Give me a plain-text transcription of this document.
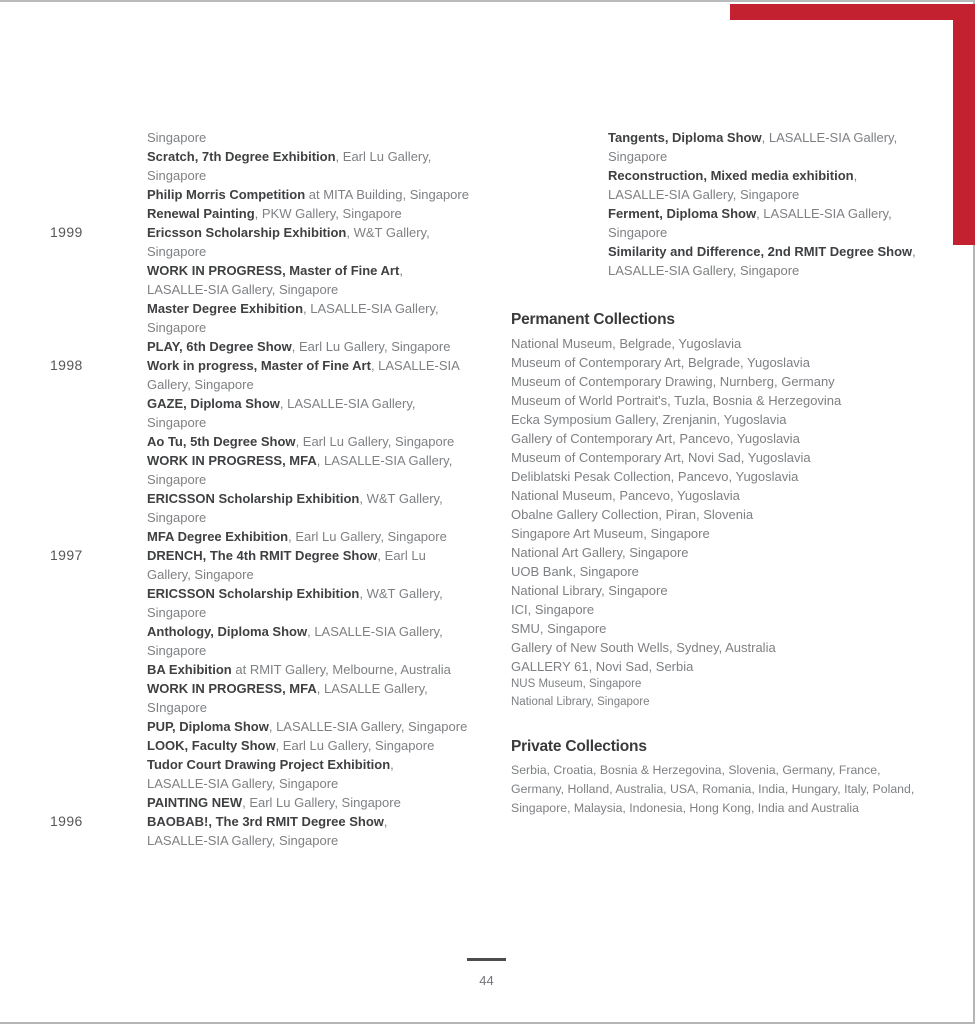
Singapore
Scratch, 7th Degree Exhibition, Earl Lu Gallery,
Singapore
Philip Morris Competition at MITA Building, Singapore
Renewal Painting, PKW Gallery, Singapore
1999	Ericsson Scholarship Exhibition, W&T Gallery,
Singapore
WORK IN PROGRESS, Master of Fine Art,
LASALLE-SIA Gallery, Singapore
Master Degree Exhibition, LASALLE-SIA Gallery,
Singapore
PLAY, 6th Degree Show, Earl Lu Gallery, Singapore
1998	Work in progress, Master of Fine Art, LASALLE-SIA
Gallery, Singapore
GAZE, Diploma Show, LASALLE-SIA Gallery,
Singapore
Ao Tu, 5th Degree Show, Earl Lu Gallery, Singapore
WORK IN PROGRESS, MFA, LASALLE-SIA Gallery,
Singapore
ERICSSON Scholarship Exhibition, W&T Gallery,
Singapore
MFA Degree Exhibition, Earl Lu Gallery, Singapore
1997	DRENCH, The 4th RMIT Degree Show, Earl Lu
Gallery, Singapore
ERICSSON Scholarship Exhibition, W&T Gallery,
Singapore
Anthology, Diploma Show, LASALLE-SIA Gallery,
Singapore
BA Exhibition at RMIT Gallery, Melbourne, Australia
WORK IN PROGRESS, MFA, LASALLE Gallery,
SIngapore
PUP, Diploma Show, LASALLE-SIA Gallery, Singapore
LOOK, Faculty Show, Earl Lu Gallery, Singapore
Tudor Court Drawing Project Exhibition,
LASALLE-SIA Gallery, Singapore
PAINTING NEW, Earl Lu Gallery, Singapore
1996	BAOBAB!, The 3rd RMIT Degree Show,
LASALLE-SIA Gallery, Singapore
Tangents, Diploma Show, LASALLE-SIA Gallery,
Singapore
Reconstruction, Mixed media exhibition,
LASALLE-SIA Gallery, Singapore
Ferment, Diploma Show, LASALLE-SIA Gallery,
Singapore
Similarity and Difference, 2nd RMIT Degree Show,
LASALLE-SIA Gallery, Singapore
Permanent Collections
National Museum, Belgrade, Yugoslavia
Museum of Contemporary Art, Belgrade, Yugoslavia
Museum of Contemporary Drawing, Nurnberg, Germany
Museum of World Portrait's, Tuzla, Bosnia & Herzegovina
Ecka Symposium Gallery, Zrenjanin, Yugoslavia
Gallery of Contemporary Art, Pancevo, Yugoslavia
Museum of Contemporary Art, Novi Sad, Yugoslavia
Deliblatski Pesak Collection, Pancevo, Yugoslavia
National Museum, Pancevo, Yugoslavia
Obalne Gallery Collection, Piran, Slovenia
Singapore Art Museum, Singapore
National Art Gallery, Singapore
UOB Bank, Singapore
National Library, Singapore
ICI, Singapore
SMU, Singapore
Gallery of New South Wells, Sydney, Australia
GALLERY 61, Novi Sad, Serbia
NUS Museum, Singapore
National Library, Singapore
Private Collections
Serbia, Croatia, Bosnia & Herzegovina, Slovenia, Germany, France,
Germany, Holland, Australia, USA, Romania, India, Hungary, Italy, Poland,
Singapore, Malaysia, Indonesia, Hong Kong, India and Australia
44
